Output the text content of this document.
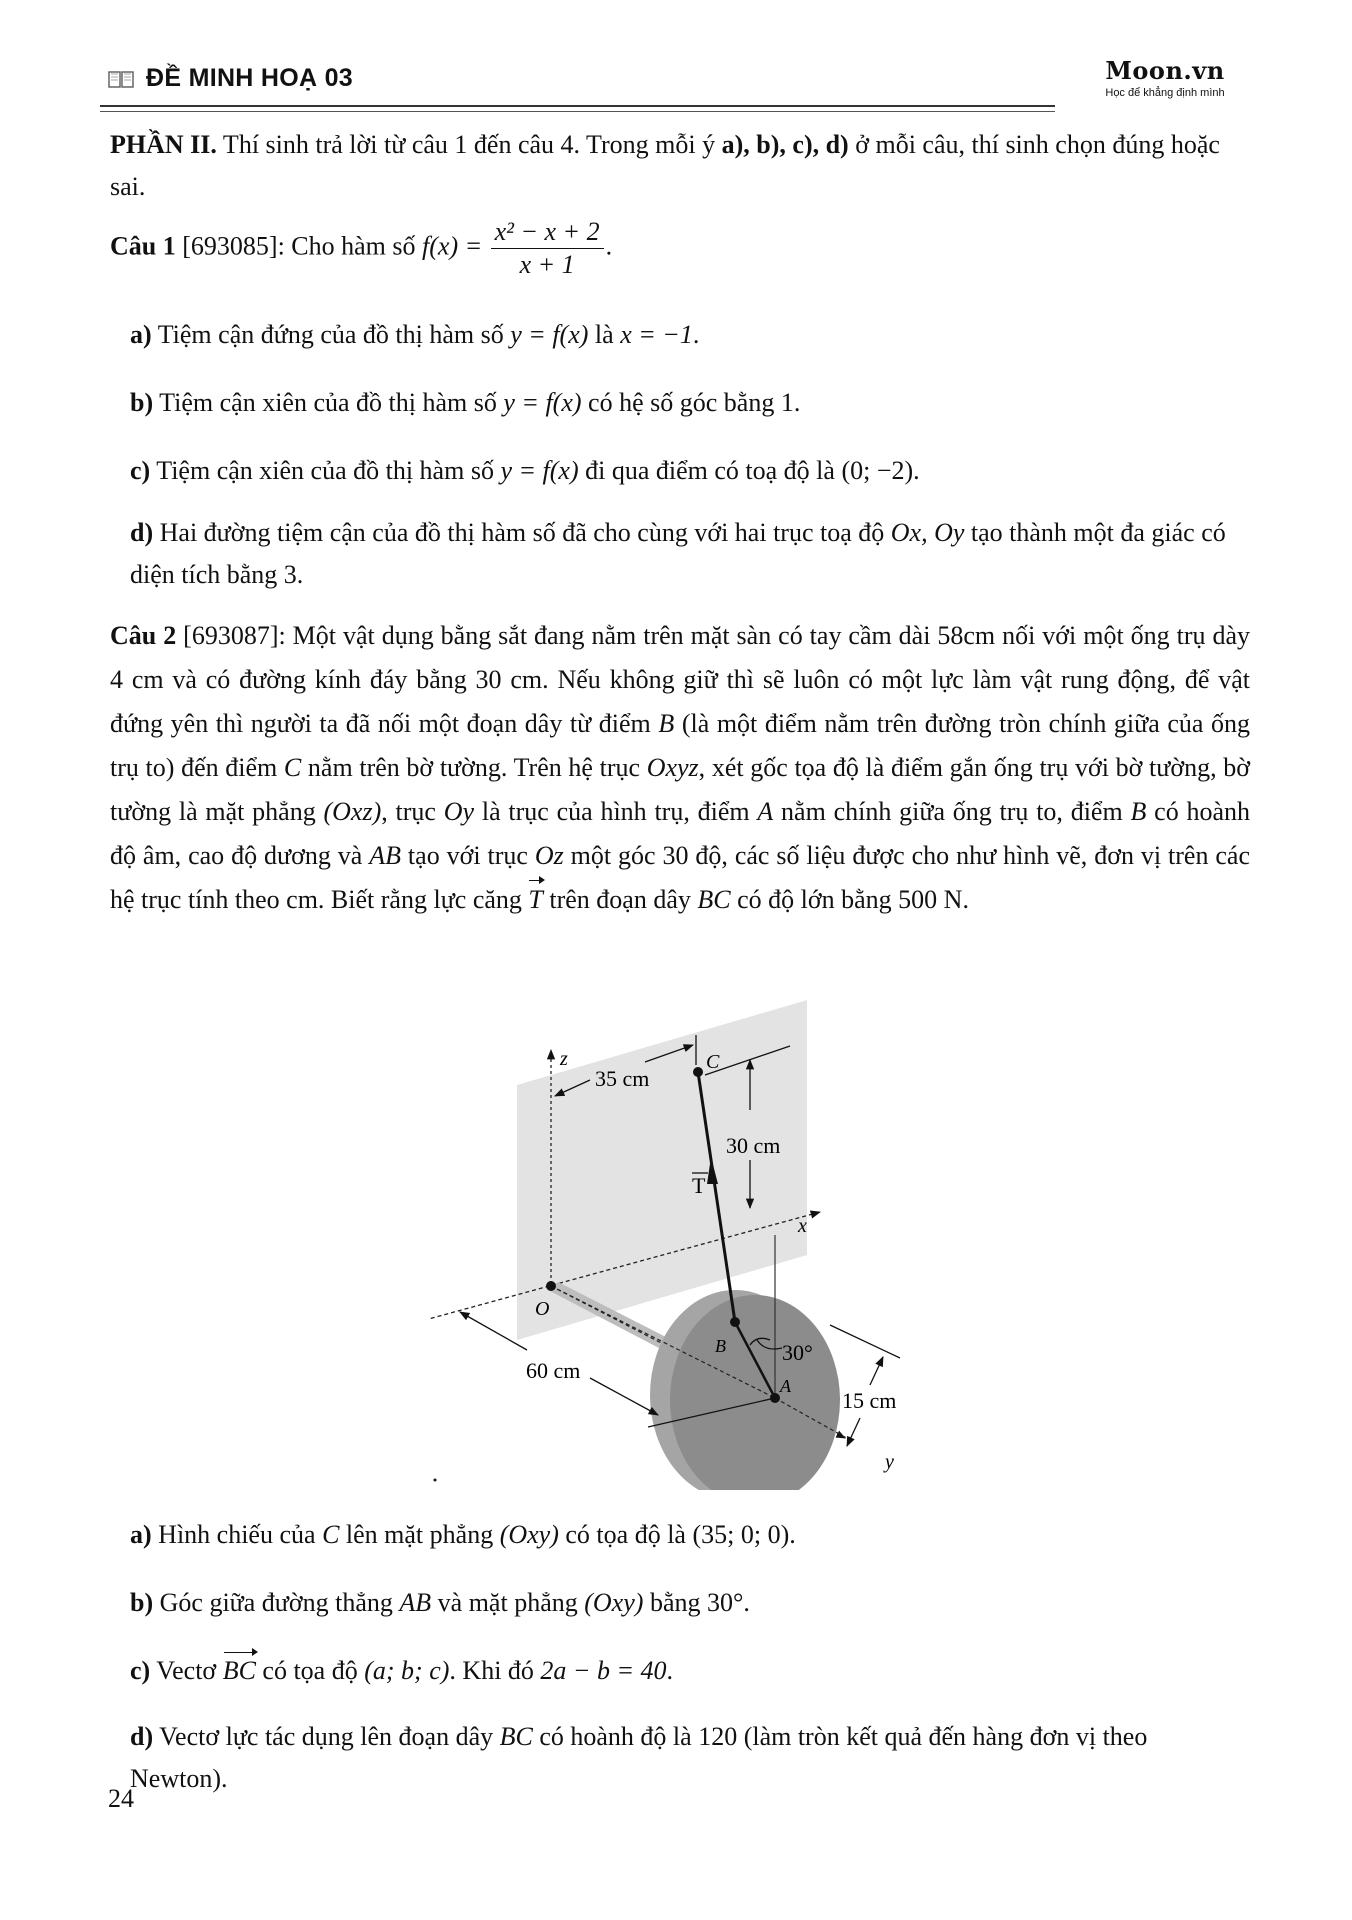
ĐỀ MINH HOẠ 03	Moon.vn
Học để khẳng định mình
PHẦN II. Thí sinh trả lời từ câu 1 đến câu 4. Trong mỗi ý a), b), c), d) ở mỗi câu, thí sinh chọn đúng hoặc sai.
Câu 1 [693085]: Cho hàm số $f(x) = \frac{\text{x² − x + 2}}{x + 1}$ .
a) Tiệm cận đứng của đồ thị hàm số y = f(x) là x = −1.
b) Tiệm cận xiên của đồ thị hàm số y = f(x) có hệ số góc bằng 1.
c) Tiệm cận xiên của đồ thị hàm số y = f(x) đi qua điểm có toạ độ là (0; −2).
d) Hai đường tiệm cận của đồ thị hàm số đã cho cùng với hai trục toạ độ Ox, Oy tạo thành một đa giác có diện tích bằng 3.
Câu 2 [693087]: Một vật dụng bằng sắt đang nằm trên mặt sàn có tay cầm dài 58cm nối với một ống trụ dày 4 cm và có đường kính đáy bằng 30 cm. Nếu không giữ thì sẽ luôn có một lực làm vật rung động, để vật đứng yên thì người ta đã nối một đoạn dây từ điểm B (là một điểm nằm trên đường tròn chính giữa của ống trụ to) đến điểm C nằm trên bờ tường. Trên hệ trục Oxyz, xét gốc tọa độ là điểm gắn ống trụ với bờ tường, bờ tường là mặt phẳng (Oxz), trục Oy là trục của hình trụ, điểm A nằm chính giữa ống trụ to, điểm B có hoành độ âm, cao độ dương và AB tạo với trục Oz một góc 30 độ, các số liệu được cho như hình vẽ, đơn vị trên các hệ trục tính theo cm. Biết rằng lực căng T trên đoạn dây BC có độ lớn bằng 500 N.
z
x
y
O
A
B
C
T
35 cm
30 cm
60 cm
15 cm
30°
a) Hình chiếu của C lên mặt phẳng (Oxy) có tọa độ là (35; 0; 0).
b) Góc giữa đường thẳng AB và mặt phẳng (Oxy) bằng 30°.
c) Vectơ BC có tọa độ (a; b; c). Khi đó 2a − b = 40.
d) Vectơ lực tác dụng lên đoạn dây BC có hoành độ là 120 (làm tròn kết quả đến hàng đơn vị theo Newton).
24
